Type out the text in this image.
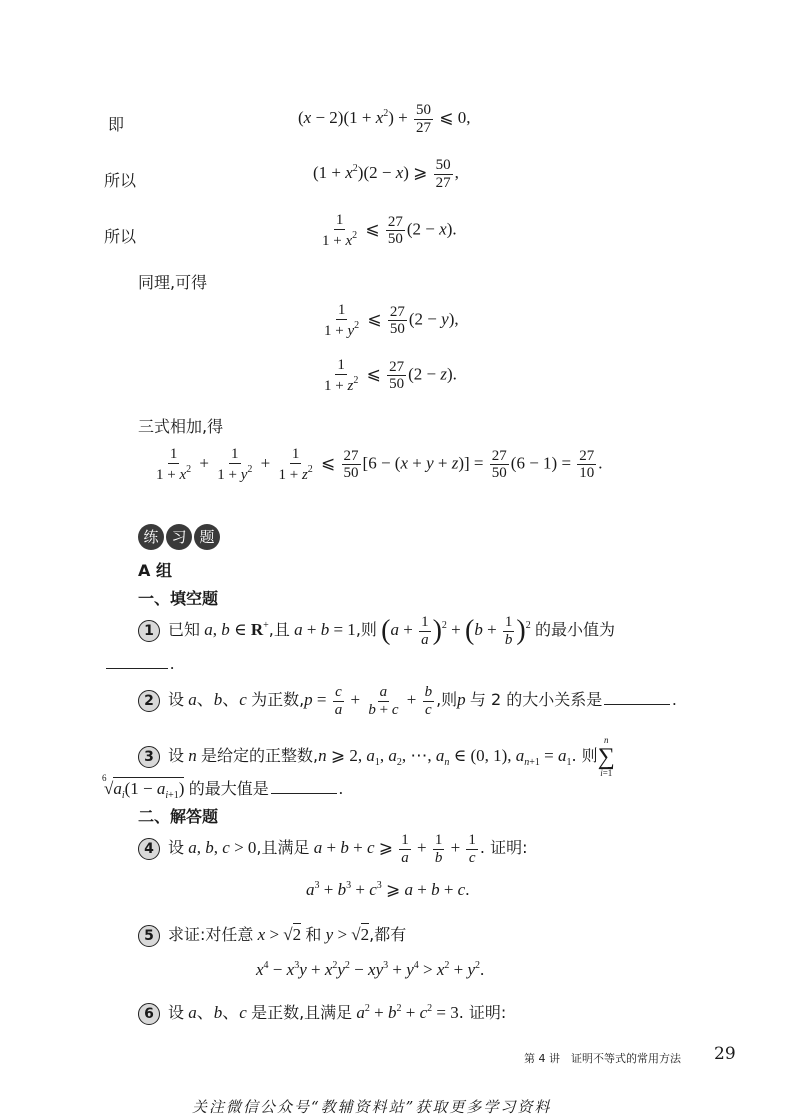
即	$(x - 2)(1 + x^2) + \frac{50}{27}$ ⩽ 0,
所以	$(1 + x^2)(2 - x)$ ⩾ $\frac{50}{27}$ ,
所以	$\frac{1}{1 + x^2}$ ⩽ $\frac{27}{50} (2 - x)$.
同理,可得
$\frac{1}{1 + y^2}$ ⩽ $\frac{27}{50} (2 - y)$,
$\frac{1}{1 + z^2}$ ⩽ $\frac{27}{50} (2 - z)$.
三式相加,得
$\frac{1}{1 + x^2} + \frac{1}{1 + y^2} + \frac{1}{1 + z^2}$ ⩽ $\frac{27}{50} [6 - (x + y + z)] = \frac{27}{50} (6 - 1) = \frac{27}{10}$ .
练 习 题
A 组
一、填空题
1 已知 a, b ∈ R+,且 a + b = 1,则 $(a + \frac{1}{a} )^2 + (b + \frac{1}{b} )^2$ 的最小值为
.
2 设 a、b、c 为正数$,p = \frac{c}{a} + \frac{a}{b + c} + \frac{b}{c}$ ,则p 与 2 的大小关系是	.
3 设 n 是给定的正整数,n ⩾ 2, $a_1$, $a_2$, ⋯, $a_n$ ∈ (0, 1), $a_{n+1} = a_1$. 则
n
∑
i=1
6
$√a_i(1 - a_{i+1})$ 的最大值是	.
二、解答题
4 设 a, b, c > 0,且满足 a + b + c ⩾ $\frac{1}{a} + \frac{1}{b} + \frac{1}{c}$ . 证明:
$a^3 + b^3 + c^3$ ⩾ a + b + c.
5 求证:对任意 x > √2 和 y > √2,都有
$x^4 - x^3y + x^2y^2 - xy^3 + y^4 > x^2 + y^2$.
6 设 a、b、c 是正数,且满足 $a^2 + b^2 + c^2 = 3$. 证明:
第 4 讲　证明不等式的常用方法 29
关注微信公众号“教辅资料站”获取更多学习资料
